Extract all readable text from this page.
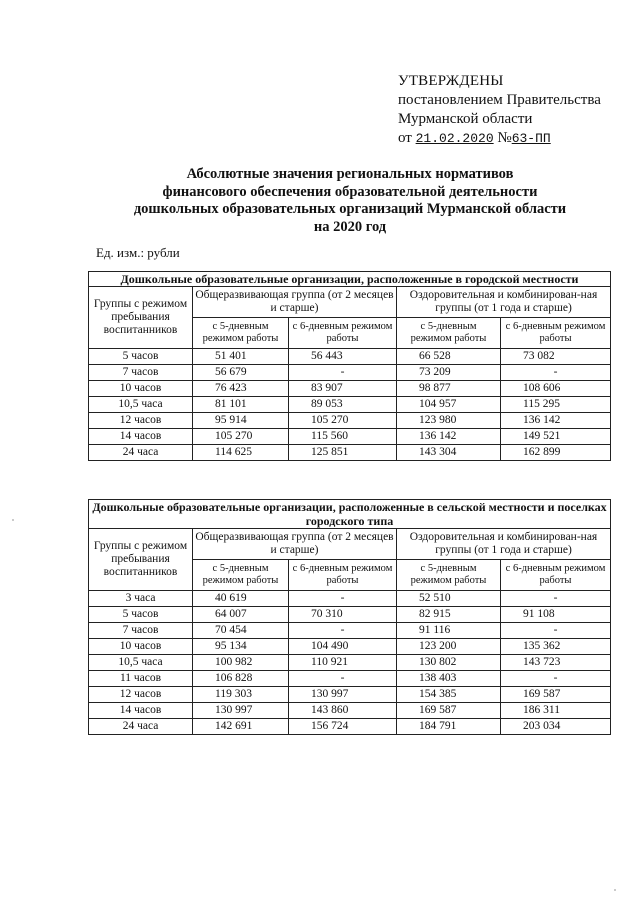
УТВЕРЖДЕНЫ
постановлением Правительства
Мурманской области
от 21.02.2020 №63-ПП
Абсолютные значения региональных нормативов
финансового обеспечения образовательной деятельности
дошкольных образовательных организаций Мурманской области
на 2020 год
Ед. изм.: рубли
Дошкольные образовательные организации, расположенные в городской местности				
Группы с режимом пребывания воспитанников	Общеразвивающая группа (от 2 месяцев и старше)		Оздоровительная и комбинирован-ная группы (от 1 года и старше)	
	с 5-дневным режимом работы	с 6-дневным режимом работы	с 5-дневным режимом работы	с 6-дневным режимом работы
5 часов	51 401	56 443	66 528	73 082
7 часов	56 679	-	73 209	-
10 часов	76 423	83 907	98 877	108 606
10,5 часа	81 101	89 053	104 957	115 295
12 часов	95 914	105 270	123 980	136 142
14 часов	105 270	115 560	136 142	149 521
24 часа	114 625	125 851	143 304	162 899
Дошкольные образовательные организации, расположенные в сельской местности и поселках городского типа				
Группы с режимом пребывания воспитанников	Общеразвивающая группа (от 2 месяцев и старше)		Оздоровительная и комбинирован-ная группы (от 1 года и старше)	
	с 5-дневным режимом работы	с 6-дневным режимом работы	с 5-дневным режимом работы	с 6-дневным режимом работы
3 часа	40 619	-	52 510	-
5 часов	64 007	70 310	82 915	91 108
7 часов	70 454	-	91 116	-
10 часов	95 134	104 490	123 200	135 362
10,5 часа	100 982	110 921	130 802	143 723
11 часов	106 828	-	138 403	-
12 часов	119 303	130 997	154 385	169 587
14 часов	130 997	143 860	169 587	186 311
24 часа	142 691	156 724	184 791	203 034
